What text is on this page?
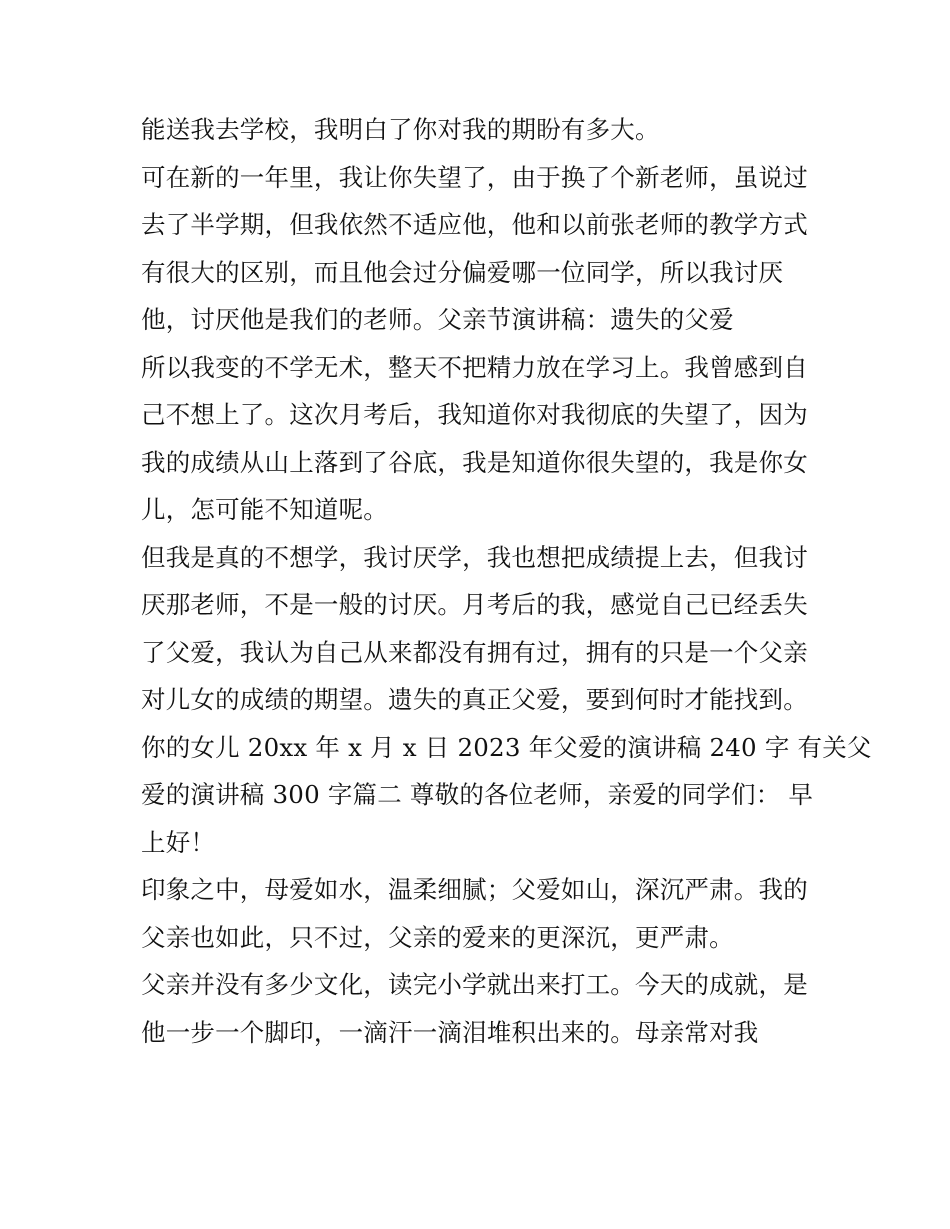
能送我去学校，我明白了你对我的期盼有多大。
可在新的一年里，我让你失望了，由于换了个新老师，虽说过
去了半学期，但我依然不适应他，他和以前张老师的教学方式
有很大的区别，而且他会过分偏爱哪一位同学，所以我讨厌
他，讨厌他是我们的老师。父亲节演讲稿：遗失的父爱
所以我变的不学无术，整天不把精力放在学习上。我曾感到自
己不想上了。这次月考后，我知道你对我彻底的失望了，因为
我的成绩从山上落到了谷底，我是知道你很失望的，我是你女
儿，怎可能不知道呢。
但我是真的不想学，我讨厌学，我也想把成绩提上去，但我讨
厌那老师，不是一般的讨厌。月考后的我，感觉自己已经丢失
了父爱，我认为自己从来都没有拥有过，拥有的只是一个父亲
对儿女的成绩的期望。遗失的真正父爱，要到何时才能找到。
你的女儿 20xx 年 x 月 x 日 2023 年父爱的演讲稿 240 字 有关父
爱的演讲稿 300 字篇二 尊敬的各位老师，亲爱的同学们： 早
上好！
印象之中，母爱如水，温柔细腻；父爱如山，深沉严肃。我的
父亲也如此，只不过，父亲的爱来的更深沉，更严肃。
父亲并没有多少文化，读完小学就出来打工。今天的成就，是
他一步一个脚印，一滴汗一滴泪堆积出来的。母亲常对我
